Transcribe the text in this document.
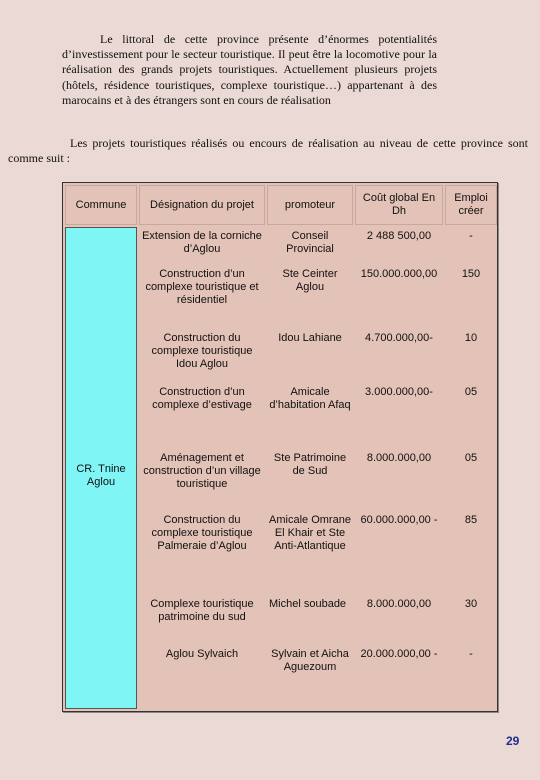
Le littoral de cette province présente d’énormes potentialités d’investissement pour le secteur touristique. Il peut être la locomotive pour la réalisation des grands projets touristiques. Actuellement plusieurs projets (hôtels, résidence touristiques, complexe touristique…) appartenant à des marocains et à des étrangers sont en cours de réalisation

Les projets touristiques réalisés ou encours de réalisation au niveau de cette province sont comme suit :

Commune	Désignation du projet	promoteur	Coût global En Dh	Emploi créer

CR. Tnine Aglou	Extension de la corniche d’Aglou	Conseil Provincial	2 488 500,00	-
	Construction d’un complexe touristique et résidentiel	Ste Ceinter Aglou	150.000.000,00	150
	Construction du complexe touristique Idou Aglou	Idou Lahiane	4.700.000,00-	10
	Construction d’un complexe d’estivage	Amicale d’habitation Afaq	3.000.000,00-	05
	Aménagement et construction d’un village touristique	Ste Patrimoine de Sud	8.000.000,00	05
	Construction du complexe touristique Palmeraie d’Aglou	Amicale Omrane El Khair et Ste Anti-Atlantique	60.000.000,00 -	85
	Complexe touristique patrimoine du sud	Michel soubade	8.000.000,00	30
	Aglou Sylvaich	Sylvain et Aicha Aguezoum	20.000.000,00 -	-
29
